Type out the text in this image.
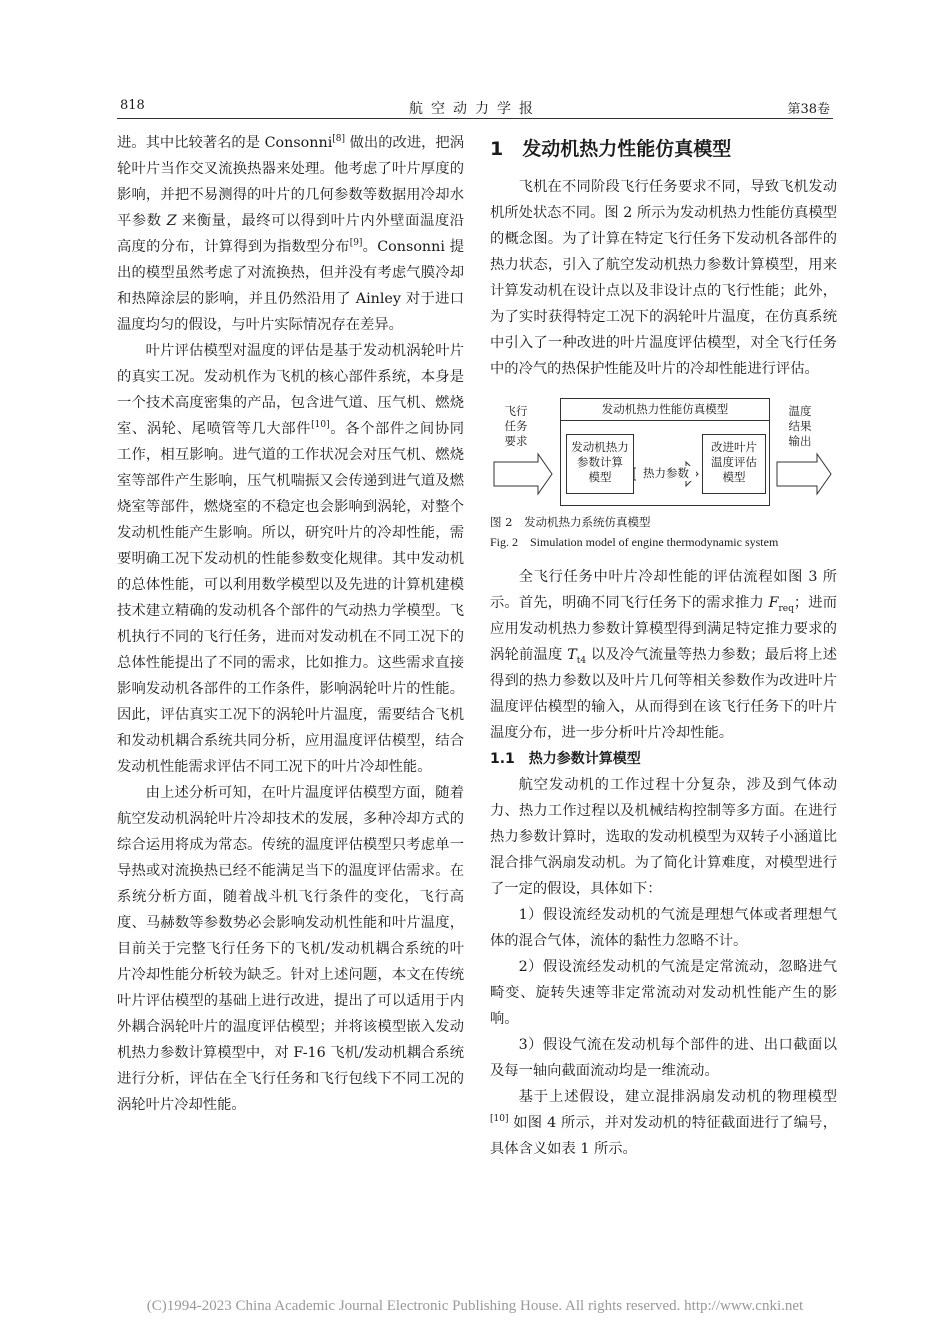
818	航空动力学报	第38卷

进。其中比较著名的是 Consonni[8] 做出的改进，把涡轮叶片当作交叉流换热器来处理。他考虑了叶片厚度的影响，并把不易测得的叶片的几何参数等数据用冷却水平参数 Z 来衡量，最终可以得到叶片内外壁面温度沿高度的分布，计算得到为指数型分布[9]。Consonni 提出的模型虽然考虑了对流换热，但并没有考虑气膜冷却和热障涂层的影响，并且仍然沿用了 Ainley 对于进口温度均匀的假设，与叶片实际情况存在差异。

叶片评估模型对温度的评估是基于发动机涡轮叶片的真实工况。发动机作为飞机的核心部件系统，本身是一个技术高度密集的产品，包含进气道、压气机、燃烧室、涡轮、尾喷管等几大部件[10]。各个部件之间协同工作，相互影响。进气道的工作状况会对压气机、燃烧室等部件产生影响，压气机喘振又会传递到进气道及燃烧室等部件，燃烧室的不稳定也会影响到涡轮，对整个发动机性能产生影响。所以，研究叶片的冷却性能，需要明确工况下发动机的性能参数变化规律。其中发动机的总体性能，可以利用数学模型以及先进的计算机建模技术建立精确的发动机各个部件的气动热力学模型。飞机执行不同的飞行任务，进而对发动机在不同工况下的总体性能提出了不同的需求，比如推力。这些需求直接影响发动机各部件的工作条件，影响涡轮叶片的性能。因此，评估真实工况下的涡轮叶片温度，需要结合飞机和发动机耦合系统共同分析，应用温度评估模型，结合发动机性能需求评估不同工况下的叶片冷却性能。

由上述分析可知，在叶片温度评估模型方面，随着航空发动机涡轮叶片冷却技术的发展，多种冷却方式的综合运用将成为常态。传统的温度评估模型只考虑单一导热或对流换热已经不能满足当下的温度评估需求。在系统分析方面，随着战斗机飞行条件的变化，飞行高度、马赫数等参数势必会影响发动机性能和叶片温度，目前关于完整飞行任务下的飞机/发动机耦合系统的叶片冷却性能分析较为缺乏。针对上述问题，本文在传统叶片评估模型的基础上进行改进，提出了可以适用于内外耦合涡轮叶片的温度评估模型；并将该模型嵌入发动机热力参数计算模型中，对 F-16 飞机/发动机耦合系统进行分析，评估在全飞行任务和飞行包线下不同工况的涡轮叶片冷却性能。

1　发动机热力性能仿真模型

飞机在不同阶段飞行任务要求不同，导致飞机发动机所处状态不同。图 2 所示为发动机热力性能仿真模型的概念图。为了计算在特定飞行任务下发动机各部件的热力状态，引入了航空发动机热力参数计算模型，用来计算发动机在设计点以及非设计点的飞行性能；此外，为了实时获得特定工况下的涡轮叶片温度，在仿真系统中引入了一种改进的叶片温度评估模型，对全飞行任务中的冷气的热保护性能及叶片的冷却性能进行评估。

发动机热力性能仿真模型
发动机热力
参数计算
模型
改进叶片
温度评估
模型
热力参数
飞行
任务
要求
温度
结果
输出

图 2　发动机热力系统仿真模型

Fig. 2　Simulation model of engine thermodynamic system

全飞行任务中叶片冷却性能的评估流程如图 3 所示。首先，明确不同飞行任务下的需求推力 $F_{req}$；进而应用发动机热力参数计算模型得到满足特定推力要求的涡轮前温度 $T_{t4}$ 以及冷气流量等热力参数；最后将上述得到的热力参数以及叶片几何等相关参数作为改进叶片温度评估模型的输入，从而得到在该飞行任务下的叶片温度分布，进一步分析叶片冷却性能。

1.1　热力参数计算模型

航空发动机的工作过程十分复杂，涉及到气体动力、热力工作过程以及机械结构控制等多方面。在进行热力参数计算时，选取的发动机模型为双转子小涵道比混合排气涡扇发动机。为了简化计算难度，对模型进行了一定的假设，具体如下：

1）假设流经发动机的气流是理想气体或者理想气体的混合气体，流体的黏性力忽略不计。

2）假设流经发动机的气流是定常流动，忽略进气畸变、旋转失速等非定常流动对发动机性能产生的影响。

3）假设气流在发动机每个部件的进、出口截面以及每一轴向截面流动均是一维流动。

基于上述假设，建立混排涡扇发动机的物理模型[10] 如图 4 所示，并对发动机的特征截面进行了编号，具体含义如表 1 所示。

(C)1994-2023 China Academic Journal Electronic Publishing House. All rights reserved. http://www.cnki.net
